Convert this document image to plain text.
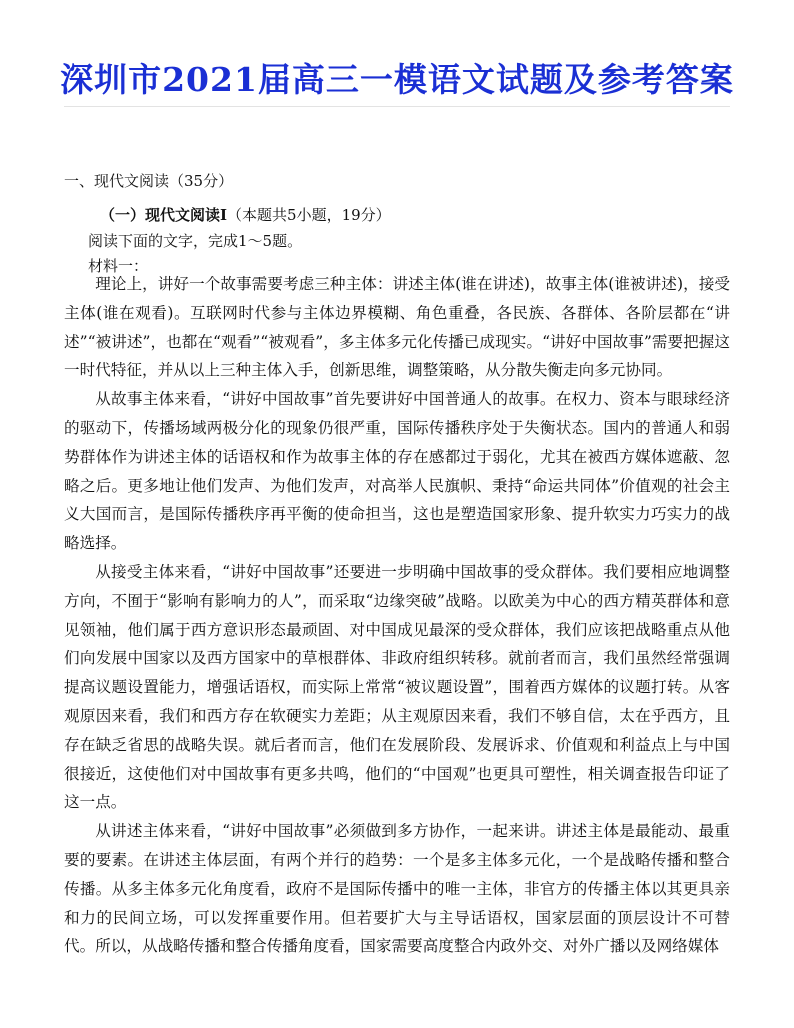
深圳市2021届高三一模语文试题及参考答案
一、现代文阅读（35分）
（一）现代文阅读Ⅰ（本题共5小题，19分）
阅读下面的文字，完成1～5题。
材料一：

理论上，讲好一个故事需要考虑三种主体：讲述主体(谁在讲述)，故事主体(谁被讲述)，接受主体(谁在观看)。互联网时代参与主体边界模糊、角色重叠，各民族、各群体、各阶层都在“讲述”“被讲述”，也都在“观看”“被观看”，多主体多元化传播已成现实。“讲好中国故事”需要把握这一时代特征，并从以上三种主体入手，创新思维，调整策略，从分散失衡走向多元协同。

从故事主体来看，“讲好中国故事”首先要讲好中国普通人的故事。在权力、资本与眼球经济的驱动下，传播场域两极分化的现象仍很严重，国际传播秩序处于失衡状态。国内的普通人和弱势群体作为讲述主体的话语权和作为故事主体的存在感都过于弱化，尤其在被西方媒体遮蔽、忽略之后。更多地让他们发声、为他们发声，对高举人民旗帜、秉持“命运共同体”价值观的社会主义大国而言，是国际传播秩序再平衡的使命担当，这也是塑造国家形象、提升软实力巧实力的战略选择。

从接受主体来看，“讲好中国故事”还要进一步明确中国故事的受众群体。我们要相应地调整方向，不囿于“影响有影响力的人”，而采取“边缘突破”战略。以欧美为中心的西方精英群体和意见领袖，他们属于西方意识形态最顽固、对中国成见最深的受众群体，我们应该把战略重点从他们向发展中国家以及西方国家中的草根群体、非政府组织转移。就前者而言，我们虽然经常强调提高议题设置能力，增强话语权，而实际上常常“被议题设置”，围着西方媒体的议题打转。从客观原因来看，我们和西方存在软硬实力差距；从主观原因来看，我们不够自信，太在乎西方，且存在缺乏省思的战略失误。就后者而言，他们在发展阶段、发展诉求、价值观和利益点上与中国很接近，这使他们对中国故事有更多共鸣，他们的“中国观”也更具可塑性，相关调查报告印证了这一点。

从讲述主体来看，“讲好中国故事”必须做到多方协作，一起来讲。讲述主体是最能动、最重要的要素。在讲述主体层面，有两个并行的趋势：一个是多主体多元化，一个是战略传播和整合传播。从多主体多元化角度看，政府不是国际传播中的唯一主体，非官方的传播主体以其更具亲和力的民间立场，可以发挥重要作用。但若要扩大与主导话语权，国家层面的顶层设计不可替代。所以，从战略传播和整合传播角度看，国家需要高度整合内政外交、对外广播以及网络媒体
